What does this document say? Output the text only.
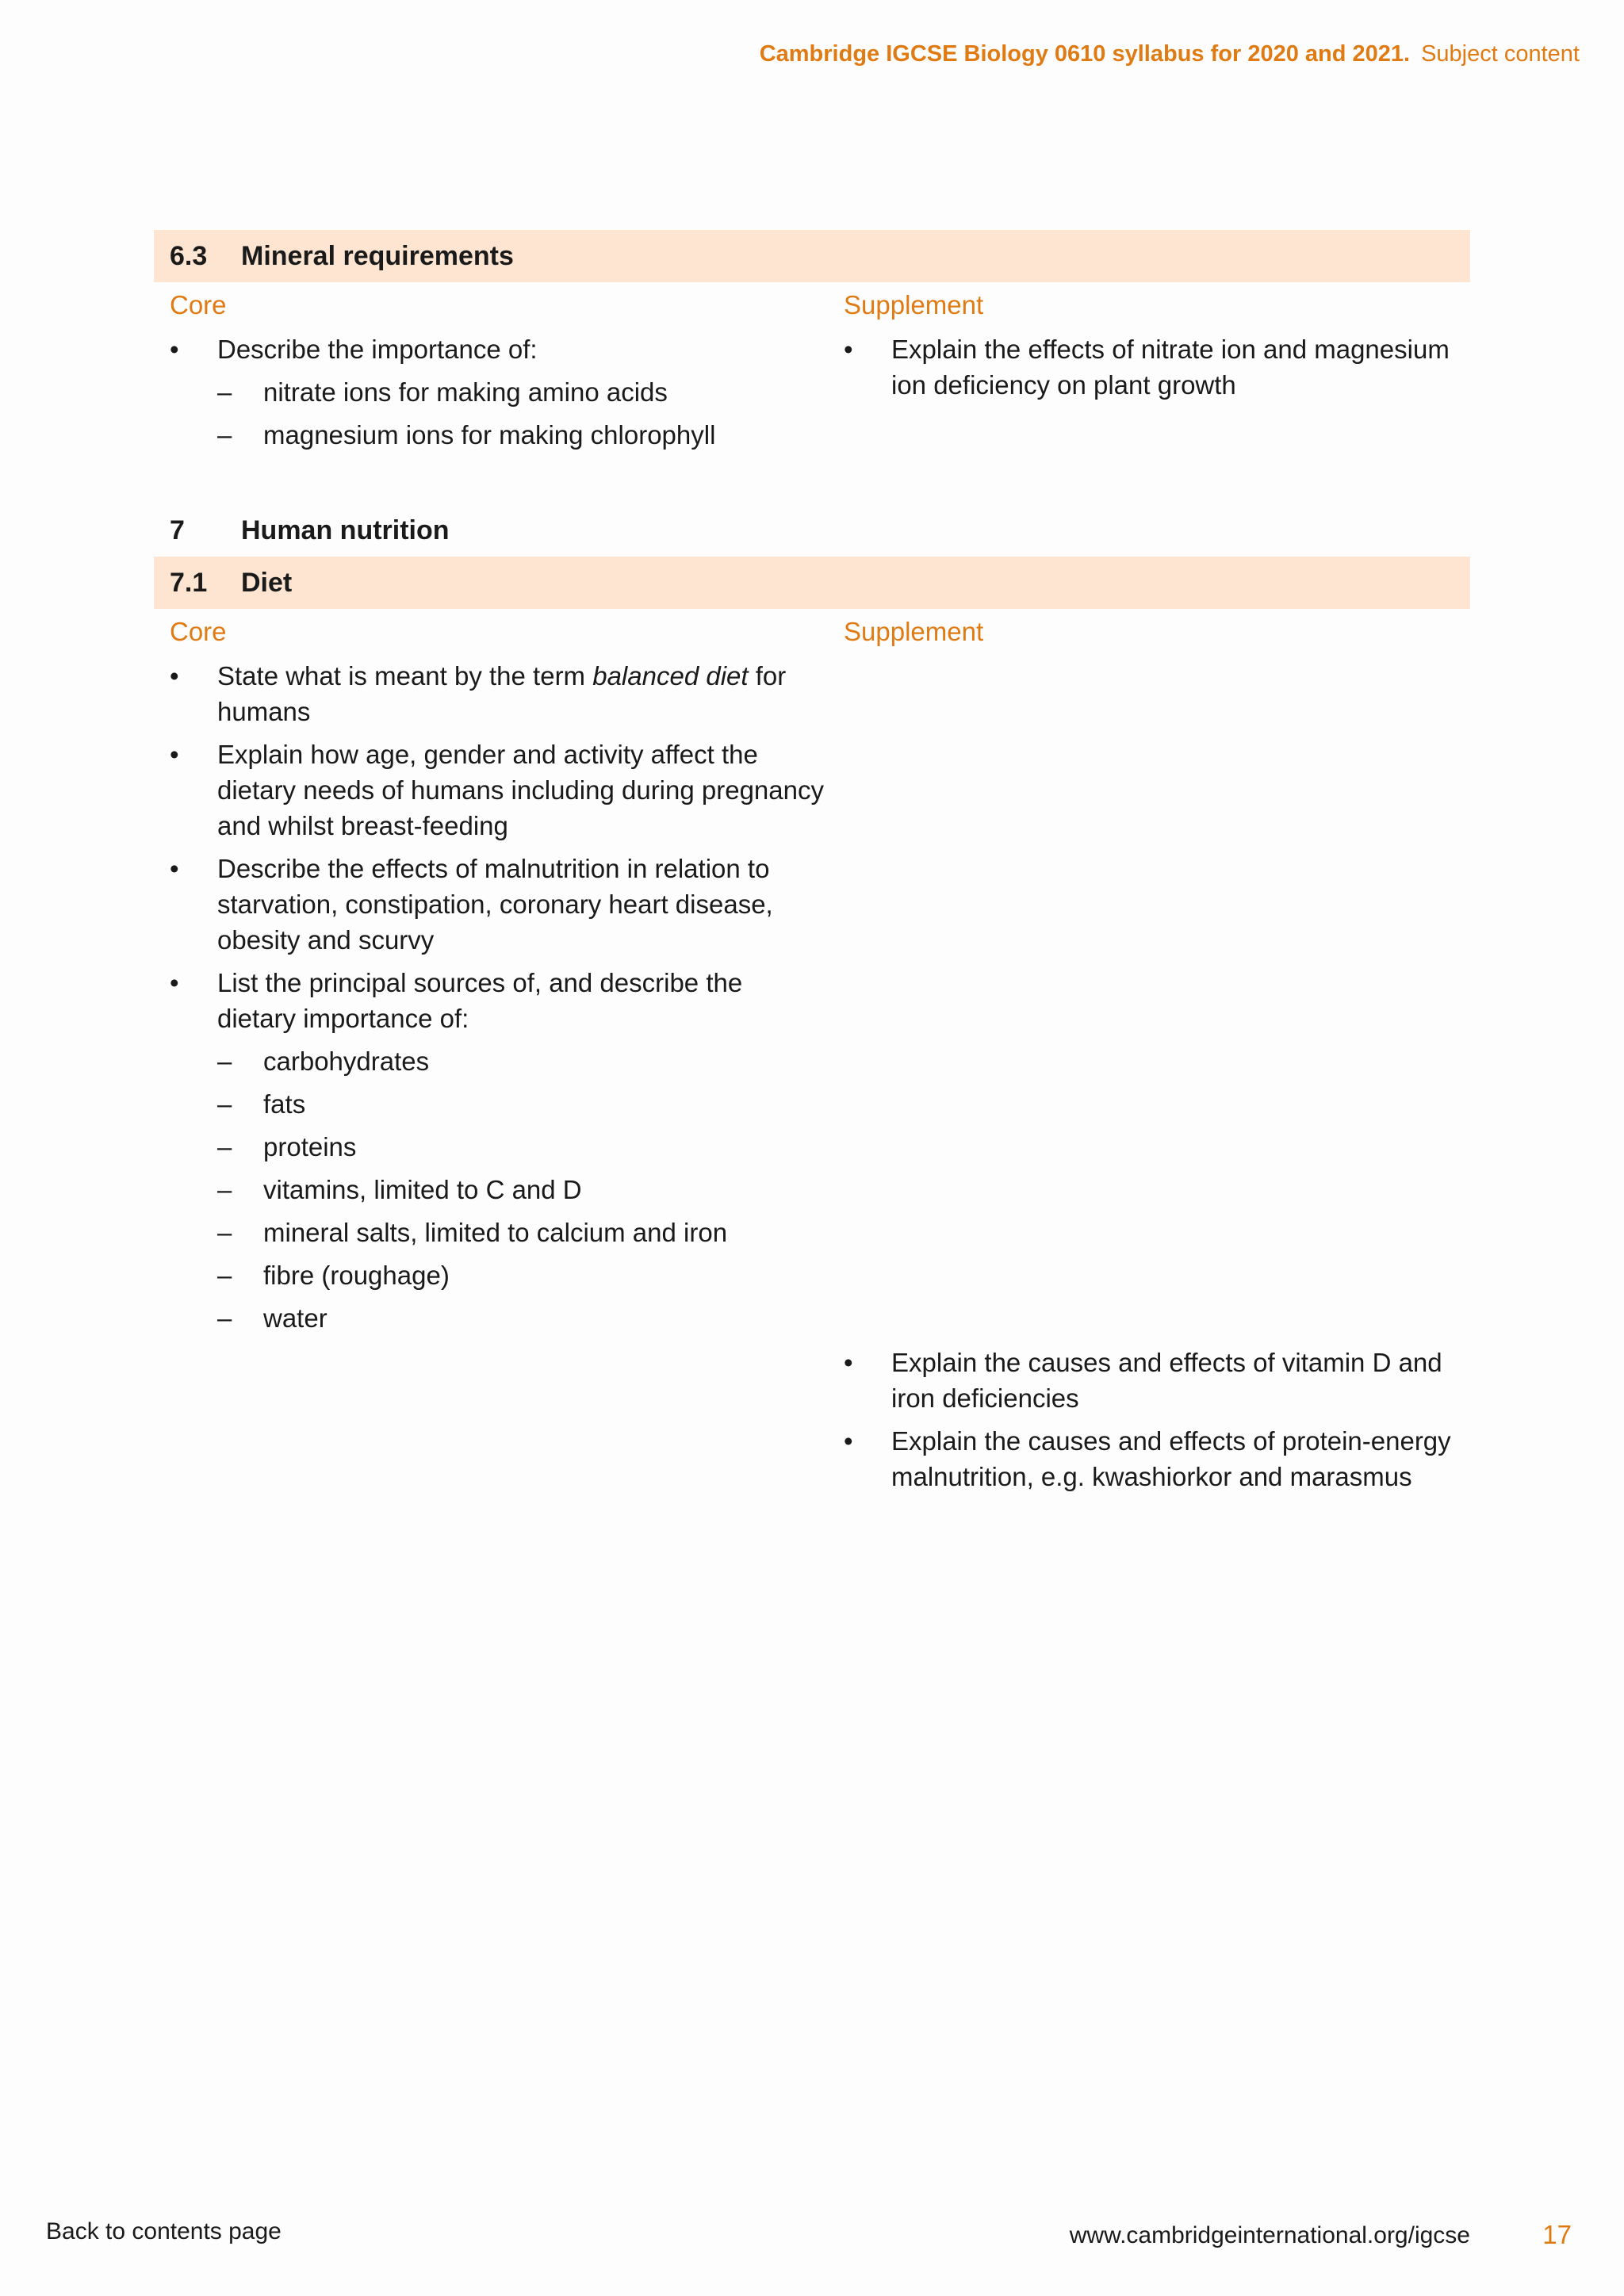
Cambridge IGCSE Biology 0610 syllabus for 2020 and 2021. Subject content
6.3	Mineral requirements
Core
• Describe the importance of:
– nitrate ions for making amino acids
– magnesium ions for making chlorophyll
Supplement
• Explain the effects of nitrate ion and magnesium ion deficiency on plant growth
7	Human nutrition
7.1	Diet
Core
• State what is meant by the term balanced diet for humans
• Explain how age, gender and activity affect the dietary needs of humans including during pregnancy and whilst breast-feeding
• Describe the effects of malnutrition in relation to starvation, constipation, coronary heart disease, obesity and scurvy
• List the principal sources of, and describe the dietary importance of:
– carbohydrates
– fats
– proteins
– vitamins, limited to C and D
– mineral salts, limited to calcium and iron
– fibre (roughage)
– water
Supplement
• Explain the causes and effects of vitamin D and iron deficiencies
• Explain the causes and effects of protein-energy malnutrition, e.g. kwashiorkor and marasmus
Back to contents page	www.cambridgeinternational.org/igcse	17
